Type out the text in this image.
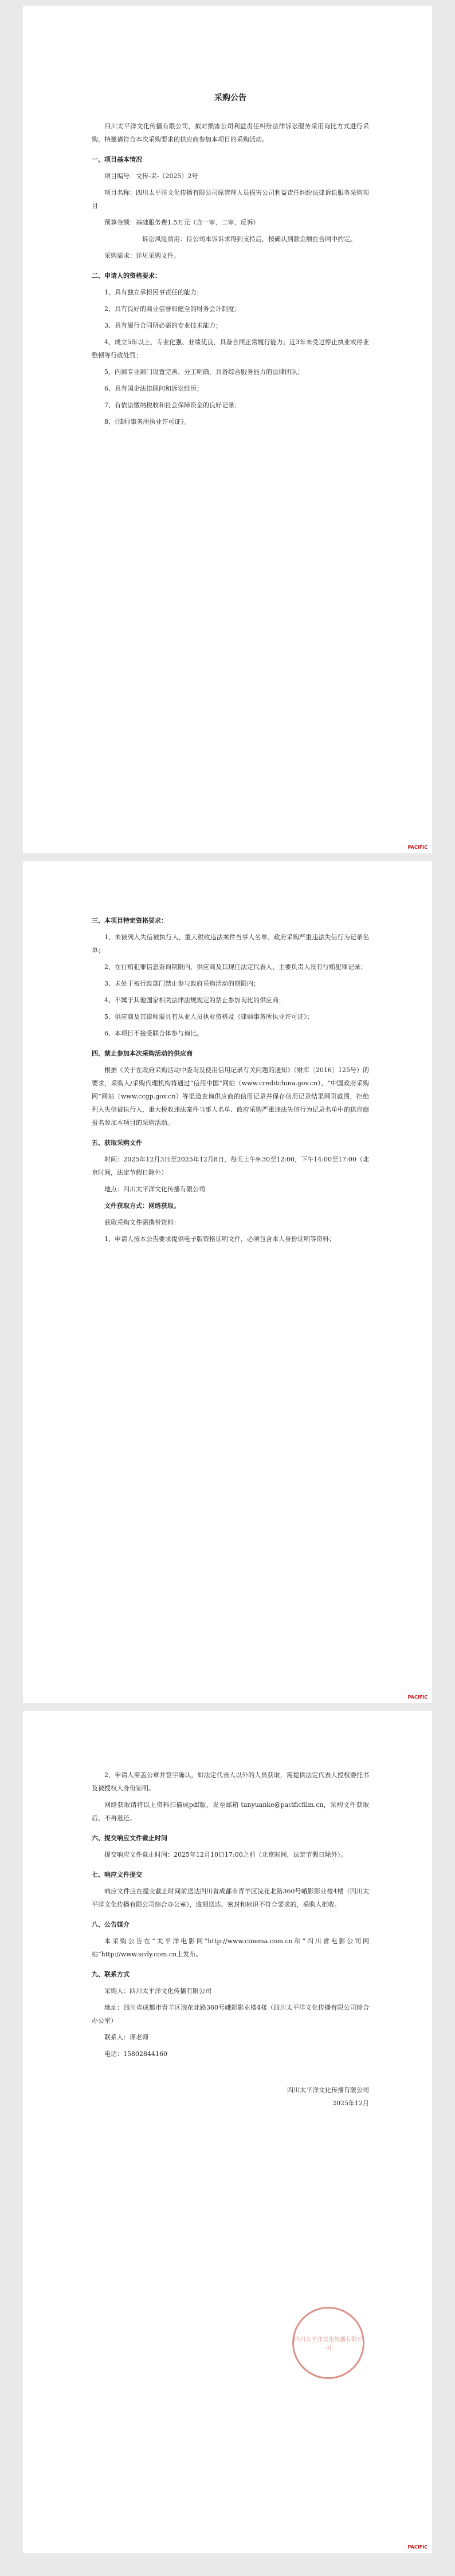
采购公告

四川太平洋文化传播有限公司，拟对损害公司利益责任纠纷法律诉讼服务采用询比方式进行采购，特邀请符合本次采购要求的供应商参加本项目的采购活动。

一、项目基本情况

项目编号：文传-采-（2025）2号

项目名称：四川太平洋文化传播有限公司原管理人员损害公司利益责任纠纷法律诉讼服务采购项目

预算金额：基础服务费1.5万元（含一审、二审、反诉）

诉讼风险费用：待公司本诉诉求得到支持后，按确认到款金额在合同中约定。

采购需求：详见采购文件。

二、申请人的资格要求：

1、具有独立承担民事责任的能力；

2、具有良好的商业信誉和健全的财务会计制度；

3、具有履行合同所必需的专业技术能力；

4、成立5年以上，专业化强、业绩优良，具备合同正常履行能力；近3年未受过停止执业或停业整顿等行政处罚；

5、内部专业部门设置完善、分工明确，具备综合服务能力的法律团队；

6、具有国企法律顾问和诉讼经历；

7、有依法缴纳税收和社会保障资金的良好记录；

8、《律师事务所执业许可证》。

PACIFIC
三、本项目特定资格要求：

1、未被列入失信被执行人、重大税收违法案件当事人名单、政府采购严重违法失信行为记录名单；

2、在行贿犯罪信息查询期限内，供应商及其现任法定代表人、主要负责人没有行贿犯罪记录；

3、未处于被行政部门禁止参与政府采购活动的期限内；

4、不属于其他国家相关法律法规规定的禁止参加询比的供应商；

5、供应商及其律师需具有从业人员执业资格及《律师事务所执业许可证》；

6、本项目不接受联合体参与询比。

四、禁止参加本次采购活动的供应商

根据《关于在政府采购活动中查询及使用信用记录有关问题的通知》（财库〔2016〕125号）的要求，采购人/采购代理机构将通过“信用中国”网站（www.creditchina.gov.cn）、“中国政府采购网”网站（www.ccgp.gov.cn）等渠道查询供应商的信用记录并保存信用记录结果网页截图，拒绝列入失信被执行人、重大税收违法案件当事人名单、政府采购严重违法失信行为记录名单中的供应商报名参加本项目的采购活动。

五、获取采购文件

时间：2025年12月3日至2025年12月8日，每天上午9:30至12:00，下午14:00至17:00（北京时间，法定节假日除外）

地点：四川太平洋文化传播有限公司

文件获取方式：网络获取。

获取采购文件需携带资料：

1、申请人按本公告要求提供电子版资格证明文件，必须包含本人身份证明等资料；

PACIFIC

2、申请人需盖公章并签字确认，如法定代表人以外的人员获取，需提供法定代表人授权委托书及被授权人身份证明。

网络获取请将以上资料扫描成pdf版，发至邮箱 tanyuanke@pacificfilm.cn，采购文件获取后，不再退还。

六、提交响应文件截止时间

提交响应文件截止时间：2025年12月10日17:00之前（北京时间，法定节假日除外）。

七、响应文件提交

响应文件应在提交截止时间前送达四川省成都市青羊区浣花北路360号峨影影业楼4楼（四川太平洋文化传播有限公司综合办公室），逾期送达、密封和标识不符合要求的，采购人拒收。

八、公告媒介

本采购公告在“太平洋电影网”http://www.cinema.com.cn和“四川省电影公司网站”http://www.scdy.com.cn上发布。

九、联系方式

采购人：四川太平洋文化传播有限公司

地址：四川省成都市青羊区浣花北路360号峨影影业楼4楼（四川太平洋文化传播有限公司综合办公室）

联系人：谭老师

电话：15802844160

四川太平洋文化传播有限公司
2025年12月
四川太平洋文化传播有限公司
PACIFIC
